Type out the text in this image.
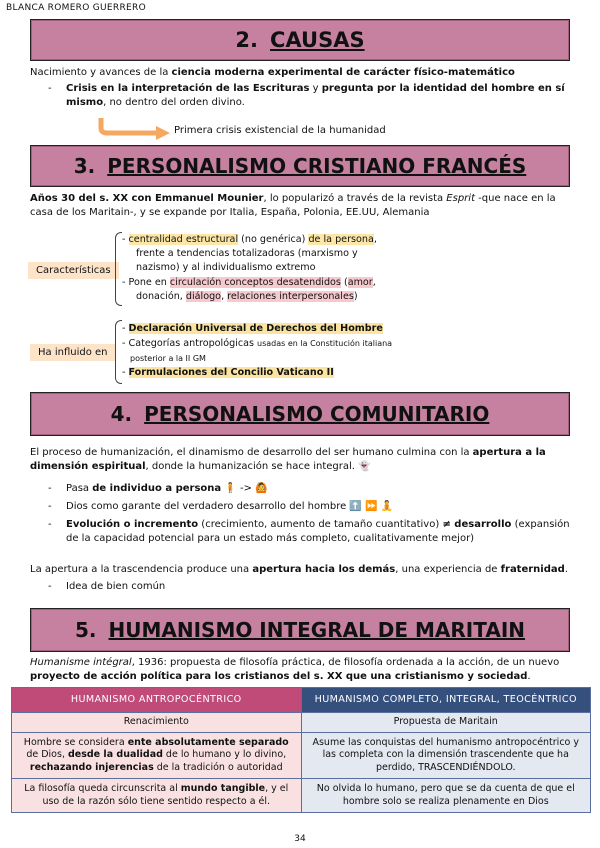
BLANCA ROMERO GUERRERO
2. CAUSAS
Nacimiento y avances de la ciencia moderna experimental de carácter físico-matemático
- Crisis en la interpretación de las Escrituras y pregunta por la identidad del hombre en sí mismo, no dentro del orden divino.
Primera crisis existencial de la humanidad
3. PERSONALISMO CRISTIANO FRANCÉS
Años 30 del s. XX con Emmanuel Mounier, lo popularizó a través de la revista Esprit -que nace en la casa de los Maritain-, y se expande por Italia, España, Polonia, EE.UU, Alemania
Características
- centralidad estructural (no genérica) de la persona,
frente a tendencias totalizadoras (marxismo y
nazismo) y al individualismo extremo
- Pone en circulación conceptos desatendidos (amor,
donación, diálogo, relaciones interpersonales)
Ha influido en
- Declaración Universal de Derechos del Hombre
- Categorías antropológicas usadas en la Constitución italiana
posterior a la II GM
- Formulaciones del Concilio Vaticano II
4. PERSONALISMO COMUNITARIO
El proceso de humanización, el dinamismo de desarrollo del ser humano culmina con la apertura a la dimensión espiritual, donde la humanización se hace integral. 👻
- Pasa de individuo a persona 🧍 -> 🙆
- Dios como garante del verdadero desarrollo del hombre ⬆️ ⏩ 🧘
- Evolución o incremento (crecimiento, aumento de tamaño cuantitativo) ≠ desarrollo (expansión de la capacidad potencial para un estado más completo, cualitativamente mejor)
La apertura a la trascendencia produce una apertura hacia los demás, una experiencia de fraternidad.
- Idea de bien común
5. HUMANISMO INTEGRAL DE MARITAIN
Humanisme intégral, 1936: propuesta de filosofía práctica, de filosofía ordenada a la acción, de un nuevo proyecto de acción política para los cristianos del s. XX que una cristianismo y sociedad.
HUMANISMO ANTROPOCÉNTRICO	HUMANISMO COMPLETO, INTEGRAL, TEOCÉNTRICO
Renacimiento	Propuesta de Maritain
Hombre se considera ente absolutamente separado de Dios, desde la dualidad de lo humano y lo divino, rechazando injerencias de la tradición o autoridad	Asume las conquistas del humanismo antropocéntrico y las completa con la dimensión trascendente que ha perdido, TRASCENDIÉNDOLO.
La filosofía queda circunscrita al mundo tangible, y el uso de la razón sólo tiene sentido respecto a él.	No olvida lo humano, pero que se da cuenta de que el hombre solo se realiza plenamente en Dios
34
